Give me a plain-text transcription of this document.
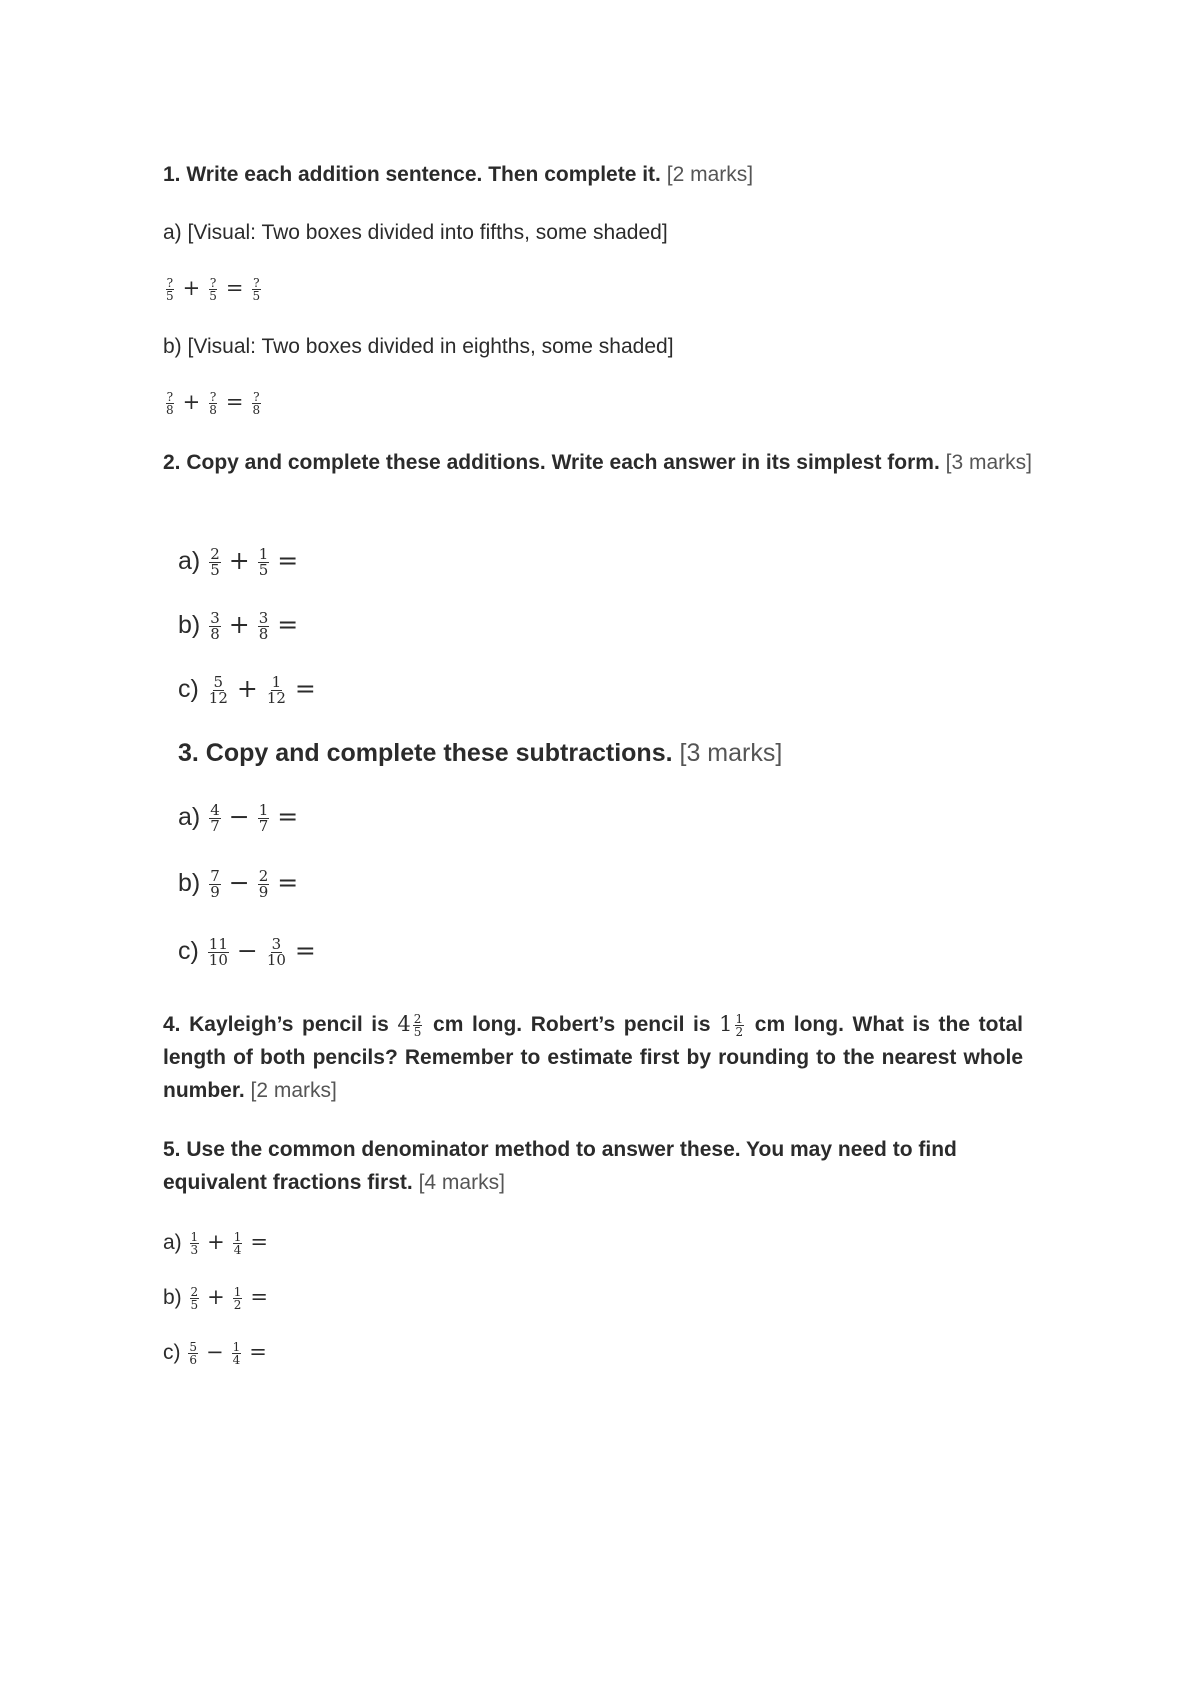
1. Write each addition sentence. Then complete it. [2 marks]
a) [Visual: Two boxes divided into fifths, some shaded]
$\frac{?}{5} + \frac{?}{5} = \frac{?}{5}$
b) [Visual: Two boxes divided in eighths, some shaded]
$\frac{?}{8} + \frac{?}{8} = \frac{?}{8}$
2. Copy and complete these additions. Write each answer in its simplest form. [3 marks]
$a) \frac{2}{5} + \frac{1}{5}$ =
$b) \frac{3}{8} + \frac{3}{8}$ =
$c) \frac{5}{12} + \frac{1}{12}$ =
3. Copy and complete these subtractions. [3 marks]
$a) \frac{4}{7} - \frac{1}{7}$ =
$b) \frac{7}{9} - \frac{2}{9}$ =
$c) \frac{11}{10} - \frac{3}{10}$ =
4. Kayleigh’s pencil is $4 \frac{2}{5}$ cm long. Robert’s pencil is $1 \frac{1}{2}$ cm long. What is the total length of both pencils? Remember to estimate first by rounding to the nearest whole number. [2 marks]
5. Use the common denominator method to answer these. You may need to find equivalent fractions first. [4 marks]
$a) \frac{1}{3} + \frac{1}{4}$ =
$b) \frac{2}{5} + \frac{1}{2}$ =
$c) \frac{5}{6} - \frac{1}{4}$ =
